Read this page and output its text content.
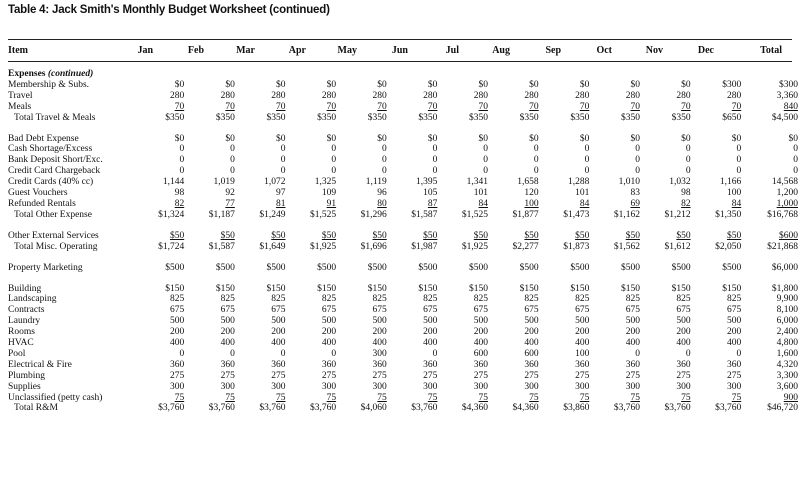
Table 4: Jack Smith's Monthly Budget Worksheet (continued)
Item	Jan	Feb	Mar	Apr	May	Jun	Jul	Aug	Sep	Oct	Nov	Dec	Total
Expenses (continued)													
Membership & Subs.	$0	$0	$0	$0	$0	$0	$0	$0	$0	$0	$0	$300	$300
Travel	280	280	280	280	280	280	280	280	280	280	280	280	3,360
Meals	70	70	70	70	70	70	70	70	70	70	70	70	840
Total Travel & Meals	$350	$350	$350	$350	$350	$350	$350	$350	$350	$350	$350	$650	$4,500

Bad Debt Expense	$0	$0	$0	$0	$0	$0	$0	$0	$0	$0	$0	$0	$0
Cash Shortage/Excess	0	0	0	0	0	0	0	0	0	0	0	0	0
Bank Deposit Short/Exc.	0	0	0	0	0	0	0	0	0	0	0	0	0
Credit Card Chargeback	0	0	0	0	0	0	0	0	0	0	0	0	0
Credit Cards (40% cc)	1,144	1,019	1,072	1,325	1,119	1,395	1,341	1,658	1,288	1,010	1,032	1,166	14,568
Guest Vouchers	98	92	97	109	96	105	101	120	101	83	98	100	1,200
Refunded Rentals	82	77	81	91	80	87	84	100	84	69	82	84	1,000
Total Other Expense	$1,324	$1,187	$1,249	$1,525	$1,296	$1,587	$1,525	$1,877	$1,473	$1,162	$1,212	$1,350	$16,768

Other External Services	$50	$50	$50	$50	$50	$50	$50	$50	$50	$50	$50	$50	$600
Total Misc. Operating	$1,724	$1,587	$1,649	$1,925	$1,696	$1,987	$1,925	$2,277	$1,873	$1,562	$1,612	$2,050	$21,868

Property Marketing	$500	$500	$500	$500	$500	$500	$500	$500	$500	$500	$500	$500	$6,000

Building	$150	$150	$150	$150	$150	$150	$150	$150	$150	$150	$150	$150	$1,800
Landscaping	825	825	825	825	825	825	825	825	825	825	825	825	9,900
Contracts	675	675	675	675	675	675	675	675	675	675	675	675	8,100
Laundry	500	500	500	500	500	500	500	500	500	500	500	500	6,000
Rooms	200	200	200	200	200	200	200	200	200	200	200	200	2,400
HVAC	400	400	400	400	400	400	400	400	400	400	400	400	4,800
Pool	0	0	0	0	300	0	600	600	100	0	0	0	1,600
Electrical & Fire	360	360	360	360	360	360	360	360	360	360	360	360	4,320
Plumbing	275	275	275	275	275	275	275	275	275	275	275	275	3,300
Supplies	300	300	300	300	300	300	300	300	300	300	300	300	3,600
Unclassified (petty cash)	75	75	75	75	75	75	75	75	75	75	75	75	900
Total R&M	$3,760	$3,760	$3,760	$3,760	$4,060	$3,760	$4,360	$4,360	$3,860	$3,760	$3,760	$3,760	$46,720
